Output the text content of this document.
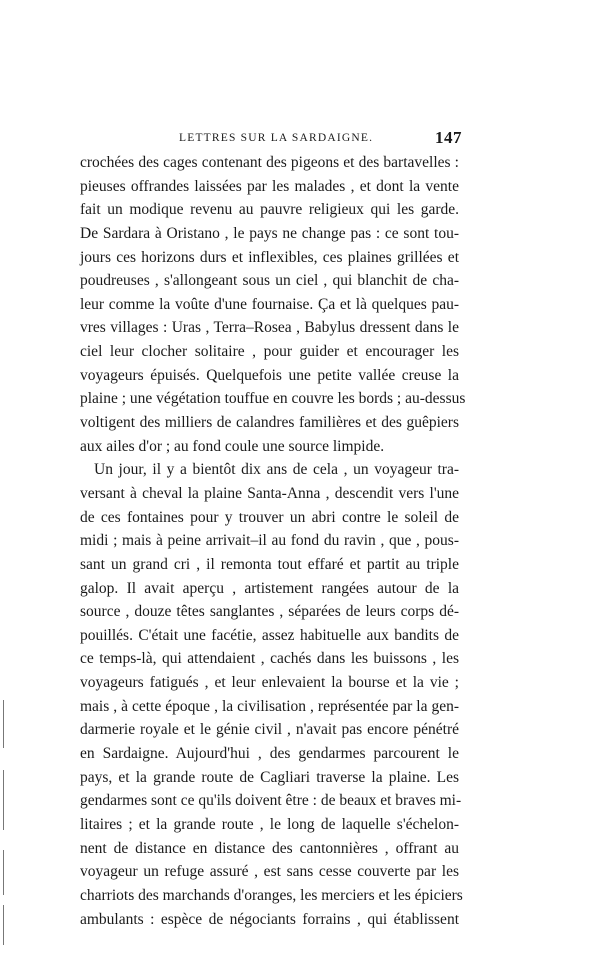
LETTRES SUR LA SARDAIGNE.	147
crochées des cages contenant des pigeons et des bartavelles :
pieuses offrandes laissées par les malades , et dont la vente
fait un modique revenu au pauvre religieux qui les garde.
De Sardara à Oristano , le pays ne change pas : ce sont tou-
jours ces horizons durs et inflexibles, ces plaines grillées et
poudreuses , s'allongeant sous un ciel , qui blanchit de cha-
leur comme la voûte d'une fournaise. Ça et là quelques pau-
vres villages : Uras , Terra–Rosea , Babylus dressent dans le
ciel leur clocher solitaire , pour guider et encourager les
voyageurs épuisés. Quelquefois une petite vallée creuse la
plaine ; une végétation touffue en couvre les bords ; au-dessus
voltigent des milliers de calandres familières et des guêpiers
aux ailes d'or ; au fond coule une source limpide.
Un jour, il y a bientôt dix ans de cela , un voyageur tra-
versant à cheval la plaine Santa-Anna , descendit vers l'une
de ces fontaines pour y trouver un abri contre le soleil de
midi ; mais à peine arrivait–il au fond du ravin , que , pous-
sant un grand cri , il remonta tout effaré et partit au triple
galop. Il avait aperçu , artistement rangées autour de la
source , douze têtes sanglantes , séparées de leurs corps dé-
pouillés. C'était une facétie, assez habituelle aux bandits de
ce temps-là, qui attendaient , cachés dans les buissons , les
voyageurs fatigués , et leur enlevaient la bourse et la vie ;
mais , à cette époque , la civilisation , représentée par la gen-
darmerie royale et le génie civil , n'avait pas encore pénétré
en Sardaigne. Aujourd'hui , des gendarmes parcourent le
pays, et la grande route de Cagliari traverse la plaine. Les
gendarmes sont ce qu'ils doivent être : de beaux et braves mi-
litaires ; et la grande route , le long de laquelle s'échelon-
nent de distance en distance des cantonnières , offrant au
voyageur un refuge assuré , est sans cesse couverte par les
charriots des marchands d'oranges, les merciers et les épiciers
ambulants : espèce de négociants forrains , qui établissent
